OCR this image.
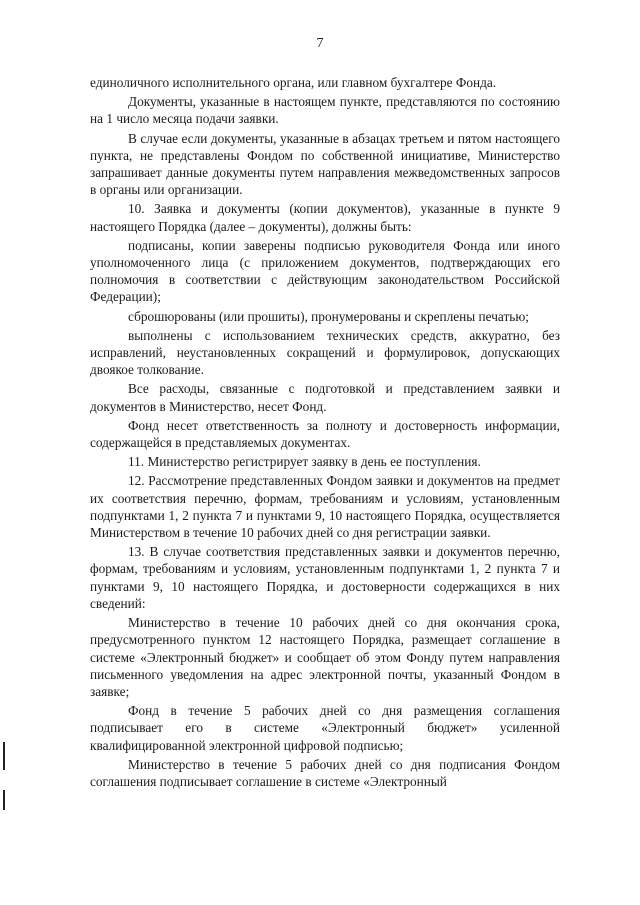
7

единоличного исполнительного органа, или главном бухгалтере Фонда.

Документы, указанные в настоящем пункте, представляются по состоянию на 1 число месяца подачи заявки.

В случае если документы, указанные в абзацах третьем и пятом настоящего пункта, не представлены Фондом по собственной инициативе, Министерство запрашивает данные документы путем направления межведомственных запросов в органы или организации.

10. Заявка и документы (копии документов), указанные в пункте 9 настоящего Порядка (далее – документы), должны быть:

подписаны, копии заверены подписью руководителя Фонда или иного уполномоченного лица (с приложением документов, подтверждающих его полномочия в соответствии с действующим законодательством Российской Федерации);

сброшюрованы (или прошиты), пронумерованы и скреплены печатью;

выполнены с использованием технических средств, аккуратно, без исправлений, неустановленных сокращений и формулировок, допускающих двоякое толкование.

Все расходы, связанные с подготовкой и представлением заявки и документов в Министерство, несет Фонд.

Фонд несет ответственность за полноту и достоверность информации, содержащейся в представляемых документах.

11. Министерство регистрирует заявку в день ее поступления.

12. Рассмотрение представленных Фондом заявки и документов на предмет их соответствия перечню, формам, требованиям и условиям, установленным подпунктами 1, 2 пункта 7 и пунктами 9, 10 настоящего Порядка, осуществляется Министерством в течение 10 рабочих дней со дня регистрации заявки.

13. В случае соответствия представленных заявки и документов перечню, формам, требованиям и условиям, установленным подпунктами 1, 2 пункта 7 и пунктами 9, 10 настоящего Порядка, и достоверности содержащихся в них сведений:

Министерство в течение 10 рабочих дней со дня окончания срока, предусмотренного пунктом 12 настоящего Порядка, размещает соглашение в системе «Электронный бюджет» и сообщает об этом Фонду путем направления письменного уведомления на адрес электронной почты, указанный Фондом в заявке;

Фонд в течение 5 рабочих дней со дня размещения соглашения подписывает его в системе «Электронный бюджет» усиленной квалифицированной электронной цифровой подписью;

Министерство в течение 5 рабочих дней со дня подписания Фондом соглашения подписывает соглашение в системе «Электронный
